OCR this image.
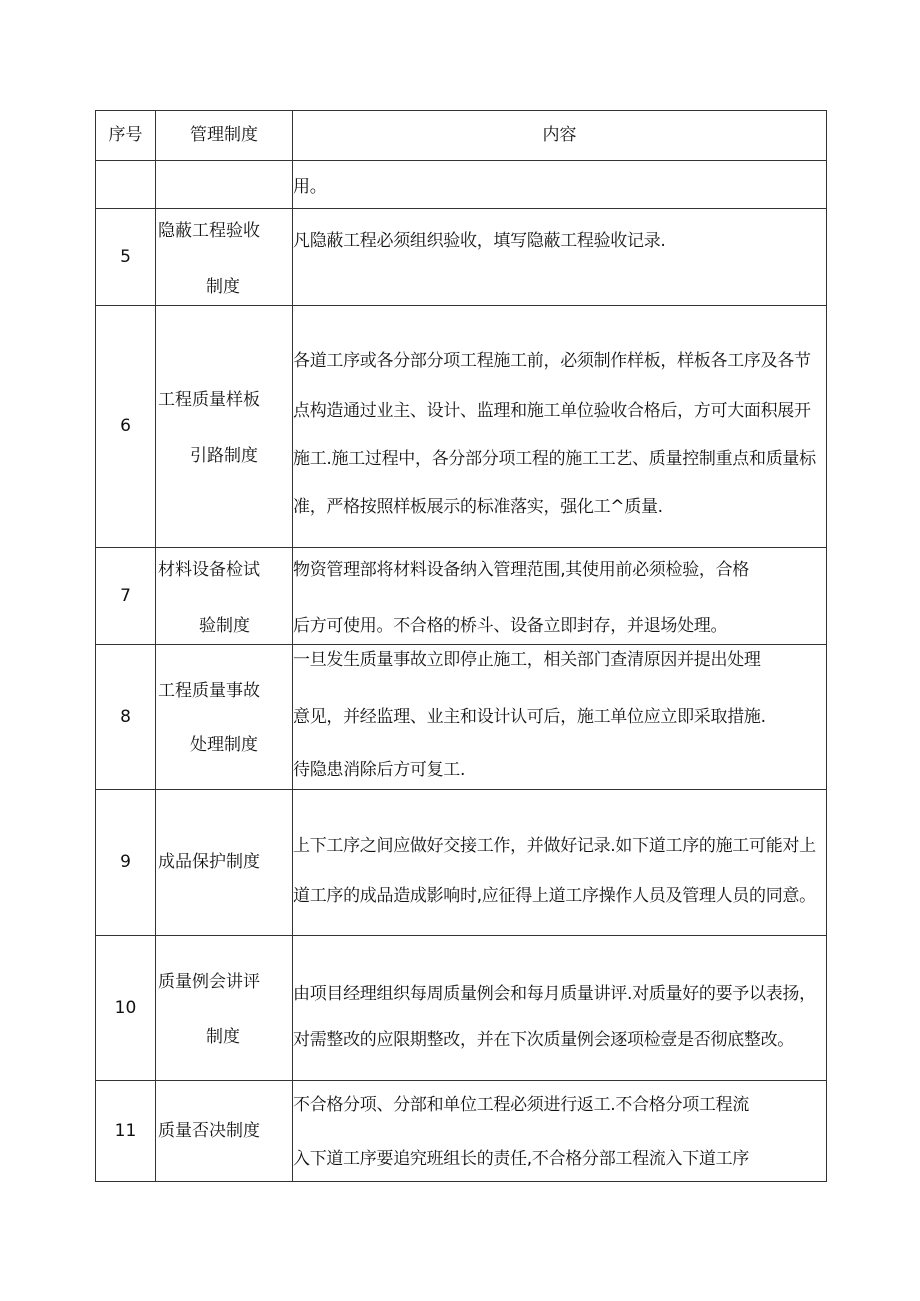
序号	管理制度	内容

		用。

5	隐蔽工程验收
制度	凡隐蔽工程必须组织验收，填写隐蔽工程验收记录.

6	工程质量样板
引路制度	各道工序或各分部分项工程施工前，必须制作样板，样板各工序及各节
点构造通过业主、设计、监理和施工单位验收合格后，方可大面积展开
施工.施工过程中，各分部分项工程的施工工艺、质量控制重点和质量标
准，严格按照样板展示的标准落实，强化工^质量.

7	材料设备检试
验制度	物资管理部将材料设备纳入管理范围,其使用前必须检验，合格
后方可使用。不合格的桥斗、设备立即封存，并退场处理。

8	工程质量事故
处理制度	一旦发生质量事故立即停止施工，相关部门查清原因并提出处理
意见，并经监理、业主和设计认可后，施工单位应立即采取措施.
待隐患消除后方可复工.

9	成品保护制度	上下工序之间应做好交接工作，并做好记录.如下道工序的施工可能对上
道工序的成品造成影响时,应征得上道工序操作人员及管理人员的同意。

10	质量例会讲评
制度	由项目经理组织每周质量例会和每月质量讲评.对质量好的要予以表扬，
对需整改的应限期整改，并在下次质量例会逐项检壹是否彻底整改。

11	质量否决制度	不合格分项、分部和单位工程必须进行返工.不合格分项工程流
入下道工序要追究班组长的责任,不合格分部工程流入下道工序
